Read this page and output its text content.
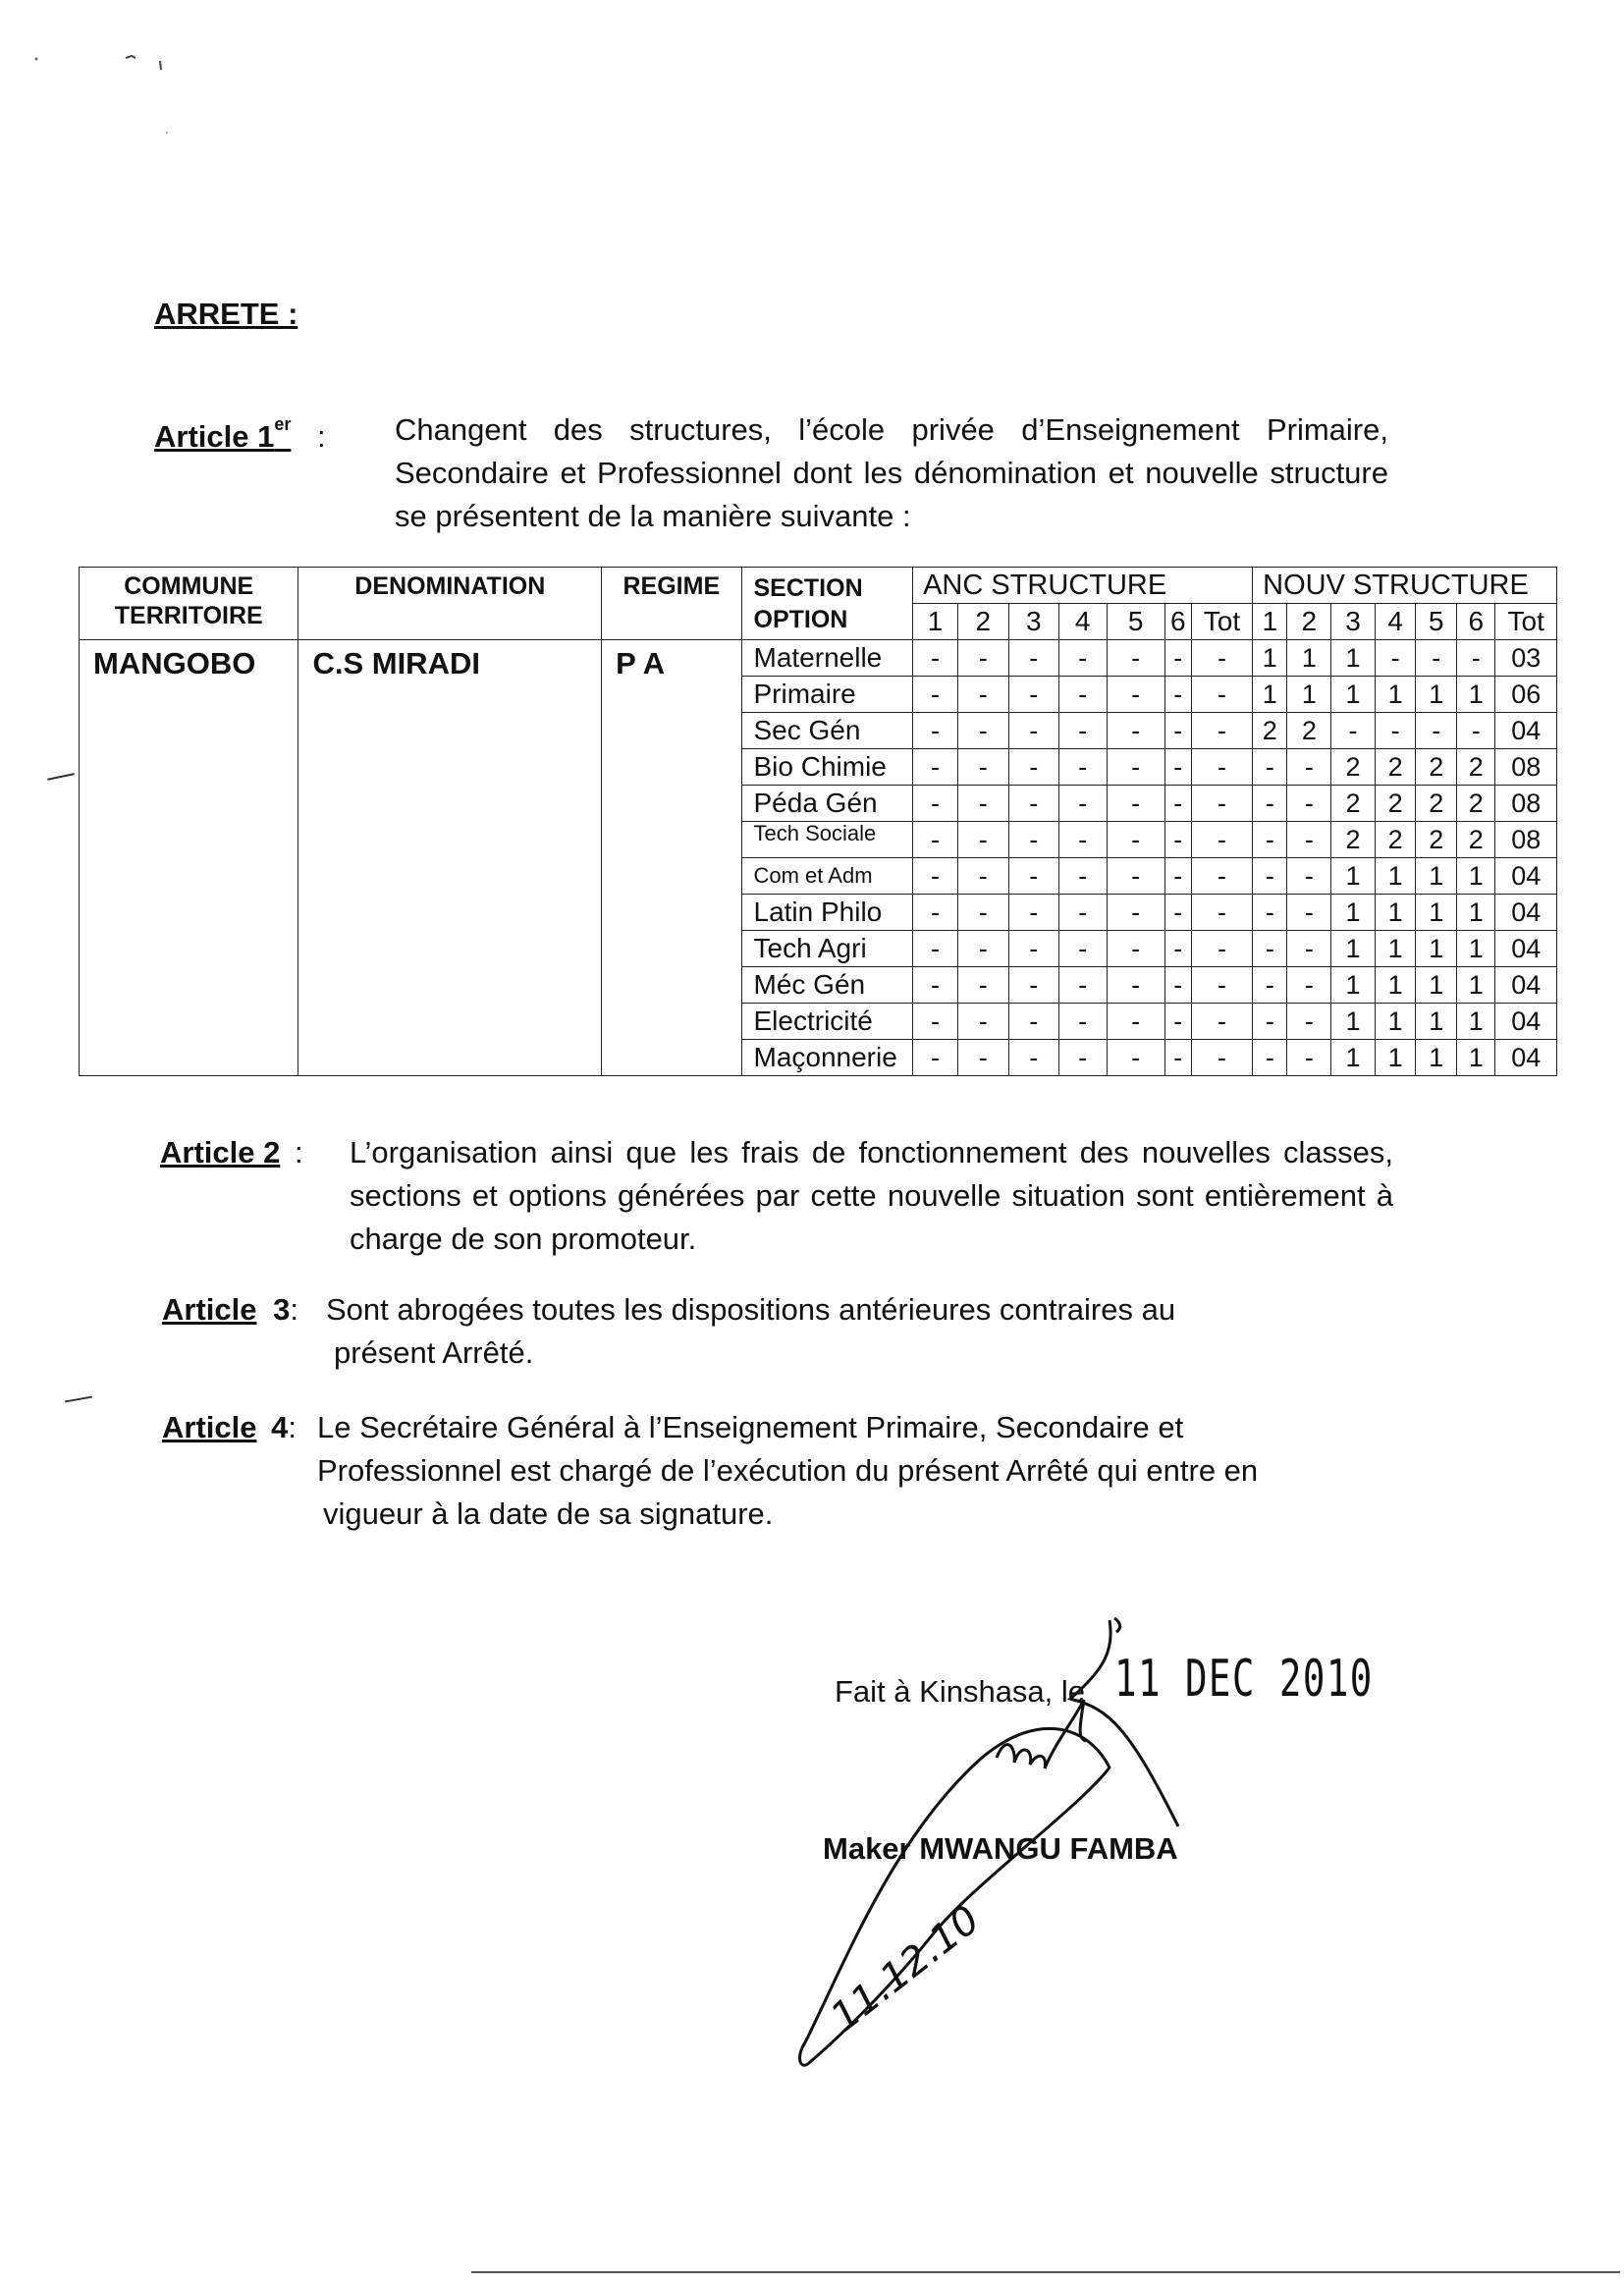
ARRETE :
Article 1er : Changent des structures, l’école privée d’Enseignement Primaire, Secondaire et Professionnel dont les dénomination et nouvelle structure se présentent de la manière suivante :
COMMUNE TERRITOIRE	DENOMINATION	REGIME	SECTION OPTION	ANC STRUCTURE							NOUV STRUCTURE						
				1	2	3	4	5	6	Tot	1	2	3	4	5	6	Tot
MANGOBO	C.S MIRADI	P A	Maternelle	-	-	-	-	-	-	-	1	1	1	-	-	-	03
			Primaire	-	-	-	-	-	-	-	1	1	1	1	1	1	06
			Sec Gén	-	-	-	-	-	-	-	2	2	-	-	-	-	04
			Bio Chimie	-	-	-	-	-	-	-	-	-	2	2	2	2	08
			Péda Gén	-	-	-	-	-	-	-	-	-	2	2	2	2	08
			Tech Sociale	-	-	-	-	-	-	-	-	-	2	2	2	2	08
			Com et Adm	-	-	-	-	-	-	-	-	-	1	1	1	1	04
			Latin Philo	-	-	-	-	-	-	-	-	-	1	1	1	1	04
			Tech Agri	-	-	-	-	-	-	-	-	-	1	1	1	1	04
			Méc Gén	-	-	-	-	-	-	-	-	-	1	1	1	1	04
			Electricité	-	-	-	-	-	-	-	-	-	1	1	1	1	04
			Maçonnerie	-	-	-	-	-	-	-	-	-	1	1	1	1	04
Article 2 : L’organisation ainsi que les frais de fonctionnement des nouvelles classes, sections et options générées par cette nouvelle situation sont entièrement à charge de son promoteur.
Article 3: Sont abrogées toutes les dispositions antérieures contraires au
présent Arrêté.
Article 4: Le Secrétaire Général à l’Enseignement Primaire, Secondaire et
Professionnel est chargé de l’exécution du présent Arrêté qui entre en
vigueur à la date de sa signature.
Fait à Kinshasa, le 11 DEC 2010
11.12.10
Maker MWANGU FAMBA
